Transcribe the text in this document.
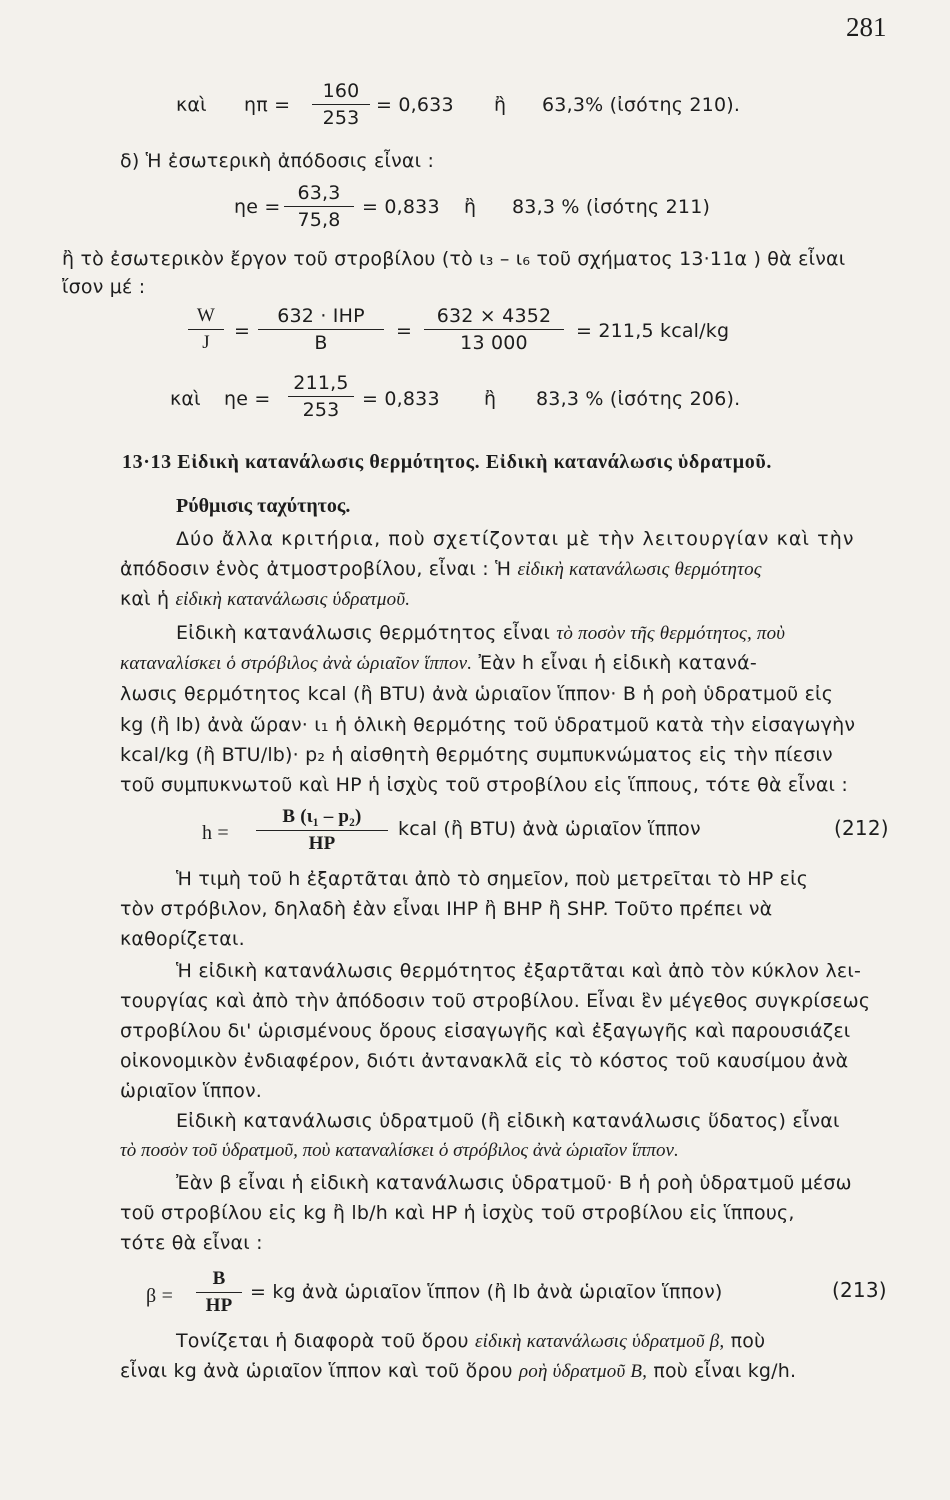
281
καὶ ηπ =
160
253
= 0,633 ἢ 63,3% (ἰσότης 210).
δ) Ἡ ἐσωτερικὴ ἀπόδοσις εἶναι :
ηe =
63,3
75,8
= 0,833 ἢ 83,3 % (ἰσότης 211)
ἢ τὸ ἐσωτερικὸν ἔργον τοῦ στροβίλου (τὸ ι₃ – ι₆ τοῦ σχήματος 13·11α ) θὰ εἶναι
ἴσον μέ :
W
J
=
632 · IHP
B
=
632 × 4352
13 000
= 211,5 kcal/kg
καὶ ηe =
211,5
253	= 0,833 ἢ 83,3 % (ἰσότης 206).
13·13 Εἰδικὴ κατανάλωσις θερμότητος. Εἰδικὴ κατανάλωσις ὑδρατμοῦ.
Ρύθμισις ταχύτητος.
Δύο ἄλλα κριτήρια, ποὺ σχετίζονται μὲ τὴν λειτουργίαν καὶ τὴν
ἀπόδοσιν ἑνὸς ἀτμοστροβίλου, εἶναι : Ἡ εἰδικὴ κατανάλωσις θερμότητος
καὶ ἡ εἰδικὴ κατανάλωσις ὑδρατμοῦ.
Εἰδικὴ κατανάλωσις θερμότητος εἶναι τὸ ποσὸν τῆς θερμότητος, ποὺ
καταναλίσκει ὁ στρόβιλος ἀνὰ ὡριαῖον ἵππον. Ἐὰν h εἶναι ἡ εἰδικὴ κατανά-
λωσις θερμότητος kcal (ἢ BTU) ἀνὰ ὡριαῖον ἵππον· B ἡ ροὴ ὑδρατμοῦ εἰς
kg (ἢ lb) ἀνὰ ὥραν· ι₁ ἡ ὁλικὴ θερμότης τοῦ ὑδρατμοῦ κατὰ τὴν εἰσαγωγὴν
kcal/kg (ἢ BTU/lb)· p₂ ἡ αἰσθητὴ θερμότης συμπυκνώματος εἰς τὴν πίεσιν
τοῦ συμπυκνωτοῦ καὶ HP ἡ ἰσχὺς τοῦ στροβίλου εἰς ἵππους, τότε θὰ εἶναι :
h =
B (ι₁ – p₂)
HP
kcal (ἢ BTU) ἀνὰ ὡριαῖον ἵππον	(212)
Ἡ τιμὴ τοῦ h ἐξαρτᾶται ἀπὸ τὸ σημεῖον, ποὺ μετρεῖται τὸ HP εἰς
τὸν στρόβιλον, δηλαδὴ ἐὰν εἶναι IHP ἢ BHP ἢ SHP. Τοῦτο πρέπει νὰ
καθορίζεται.
Ἡ εἰδικὴ κατανάλωσις θερμότητος ἐξαρτᾶται καὶ ἀπὸ τὸν κύκλον λει-
τουργίας καὶ ἀπὸ τὴν ἀπόδοσιν τοῦ στροβίλου. Εἶναι ἓν μέγεθος συγκρίσεως
στροβίλου δι' ὡρισμένους ὅρους εἰσαγωγῆς καὶ ἐξαγωγῆς καὶ παρουσιάζει
οἰκονομικὸν ἐνδιαφέρον, διότι ἀντανακλᾶ εἰς τὸ κόστος τοῦ καυσίμου ἀνὰ
ὡριαῖον ἵππον.
Εἰδικὴ κατανάλωσις ὑδρατμοῦ (ἢ εἰδικὴ κατανάλωσις ὕδατος) εἶναι
τὸ ποσὸν τοῦ ὑδρατμοῦ, ποὺ καταναλίσκει ὁ στρόβιλος ἀνὰ ὡριαῖον ἵππον.
Ἐὰν β εἶναι ἡ εἰδικὴ κατανάλωσις ὑδρατμοῦ· B ἡ ροὴ ὑδρατμοῦ μέσω
τοῦ στροβίλου εἰς kg ἢ lb/h καὶ HP ἡ ἰσχὺς τοῦ στροβίλου εἰς ἵππους,
τότε θὰ εἶναι :
β =
B
HP
= kg ἀνὰ ὡριαῖον ἵππον (ἢ lb ἀνὰ ὡριαῖον ἵππον)	(213)
Τονίζεται ἡ διαφορὰ τοῦ ὅρου εἰδικὴ κατανάλωσις ὑδρατμοῦ β, ποὺ
εἶναι kg ἀνὰ ὡριαῖον ἵππον καὶ τοῦ ὅρου ροὴ ὑδρατμοῦ B, ποὺ εἶναι kg/h.
